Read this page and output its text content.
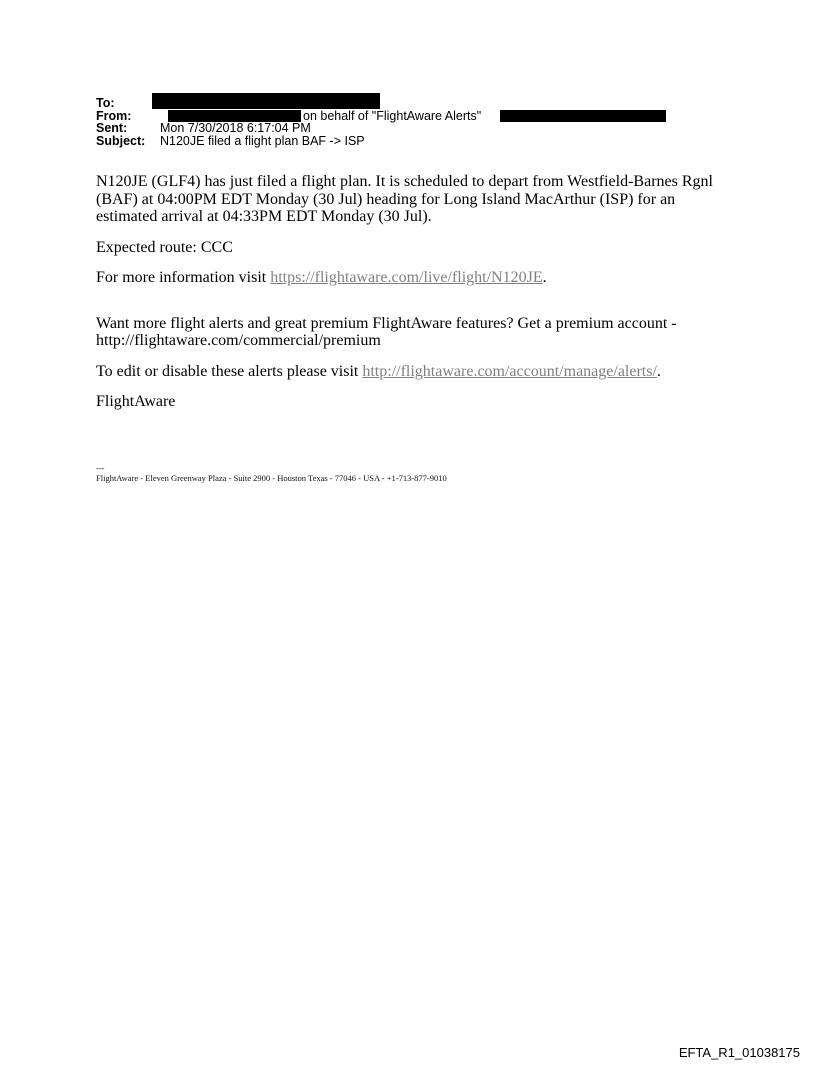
To:
From:	on behalf of "FlightAware Alerts"
Sent:	Mon 7/30/2018 6:17:04 PM
Subject: N120JE filed a flight plan BAF -> ISP

N120JE (GLF4) has just filed a flight plan. It is scheduled to depart from Westfield-Barnes Rgnl (BAF) at 04:00PM EDT Monday (30 Jul) heading for Long Island MacArthur (ISP) for an estimated arrival at 04:33PM EDT Monday (30 Jul).

Expected route: CCC

For more information visit https://flightaware.com/live/flight/N120JE.

Want more flight alerts and great premium FlightAware features? Get a premium account - http://flightaware.com/commercial/premium

To edit or disable these alerts please visit http://flightaware.com/account/manage/alerts/.

FlightAware

---
FlightAware - Eleven Greenway Plaza - Suite 2900 - Houston Texas - 77046 - USA - +1-713-877-9010
EFTA_R1_01038175
